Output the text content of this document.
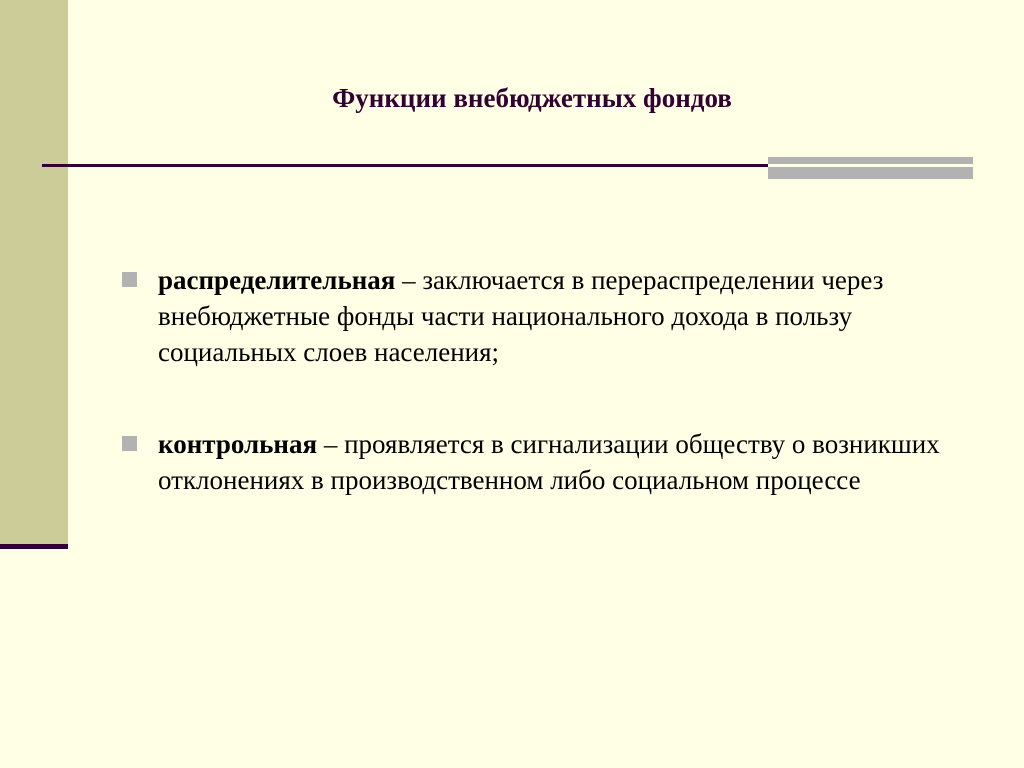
Функции внебюджетных фондов
распределительная – заключается в перераспределении через внебюджетные фонды части национального дохода в пользу социальных слоев населения;
контрольная – проявляется в сигнализации обществу о возникших отклонениях в производственном либо социальном процессе
